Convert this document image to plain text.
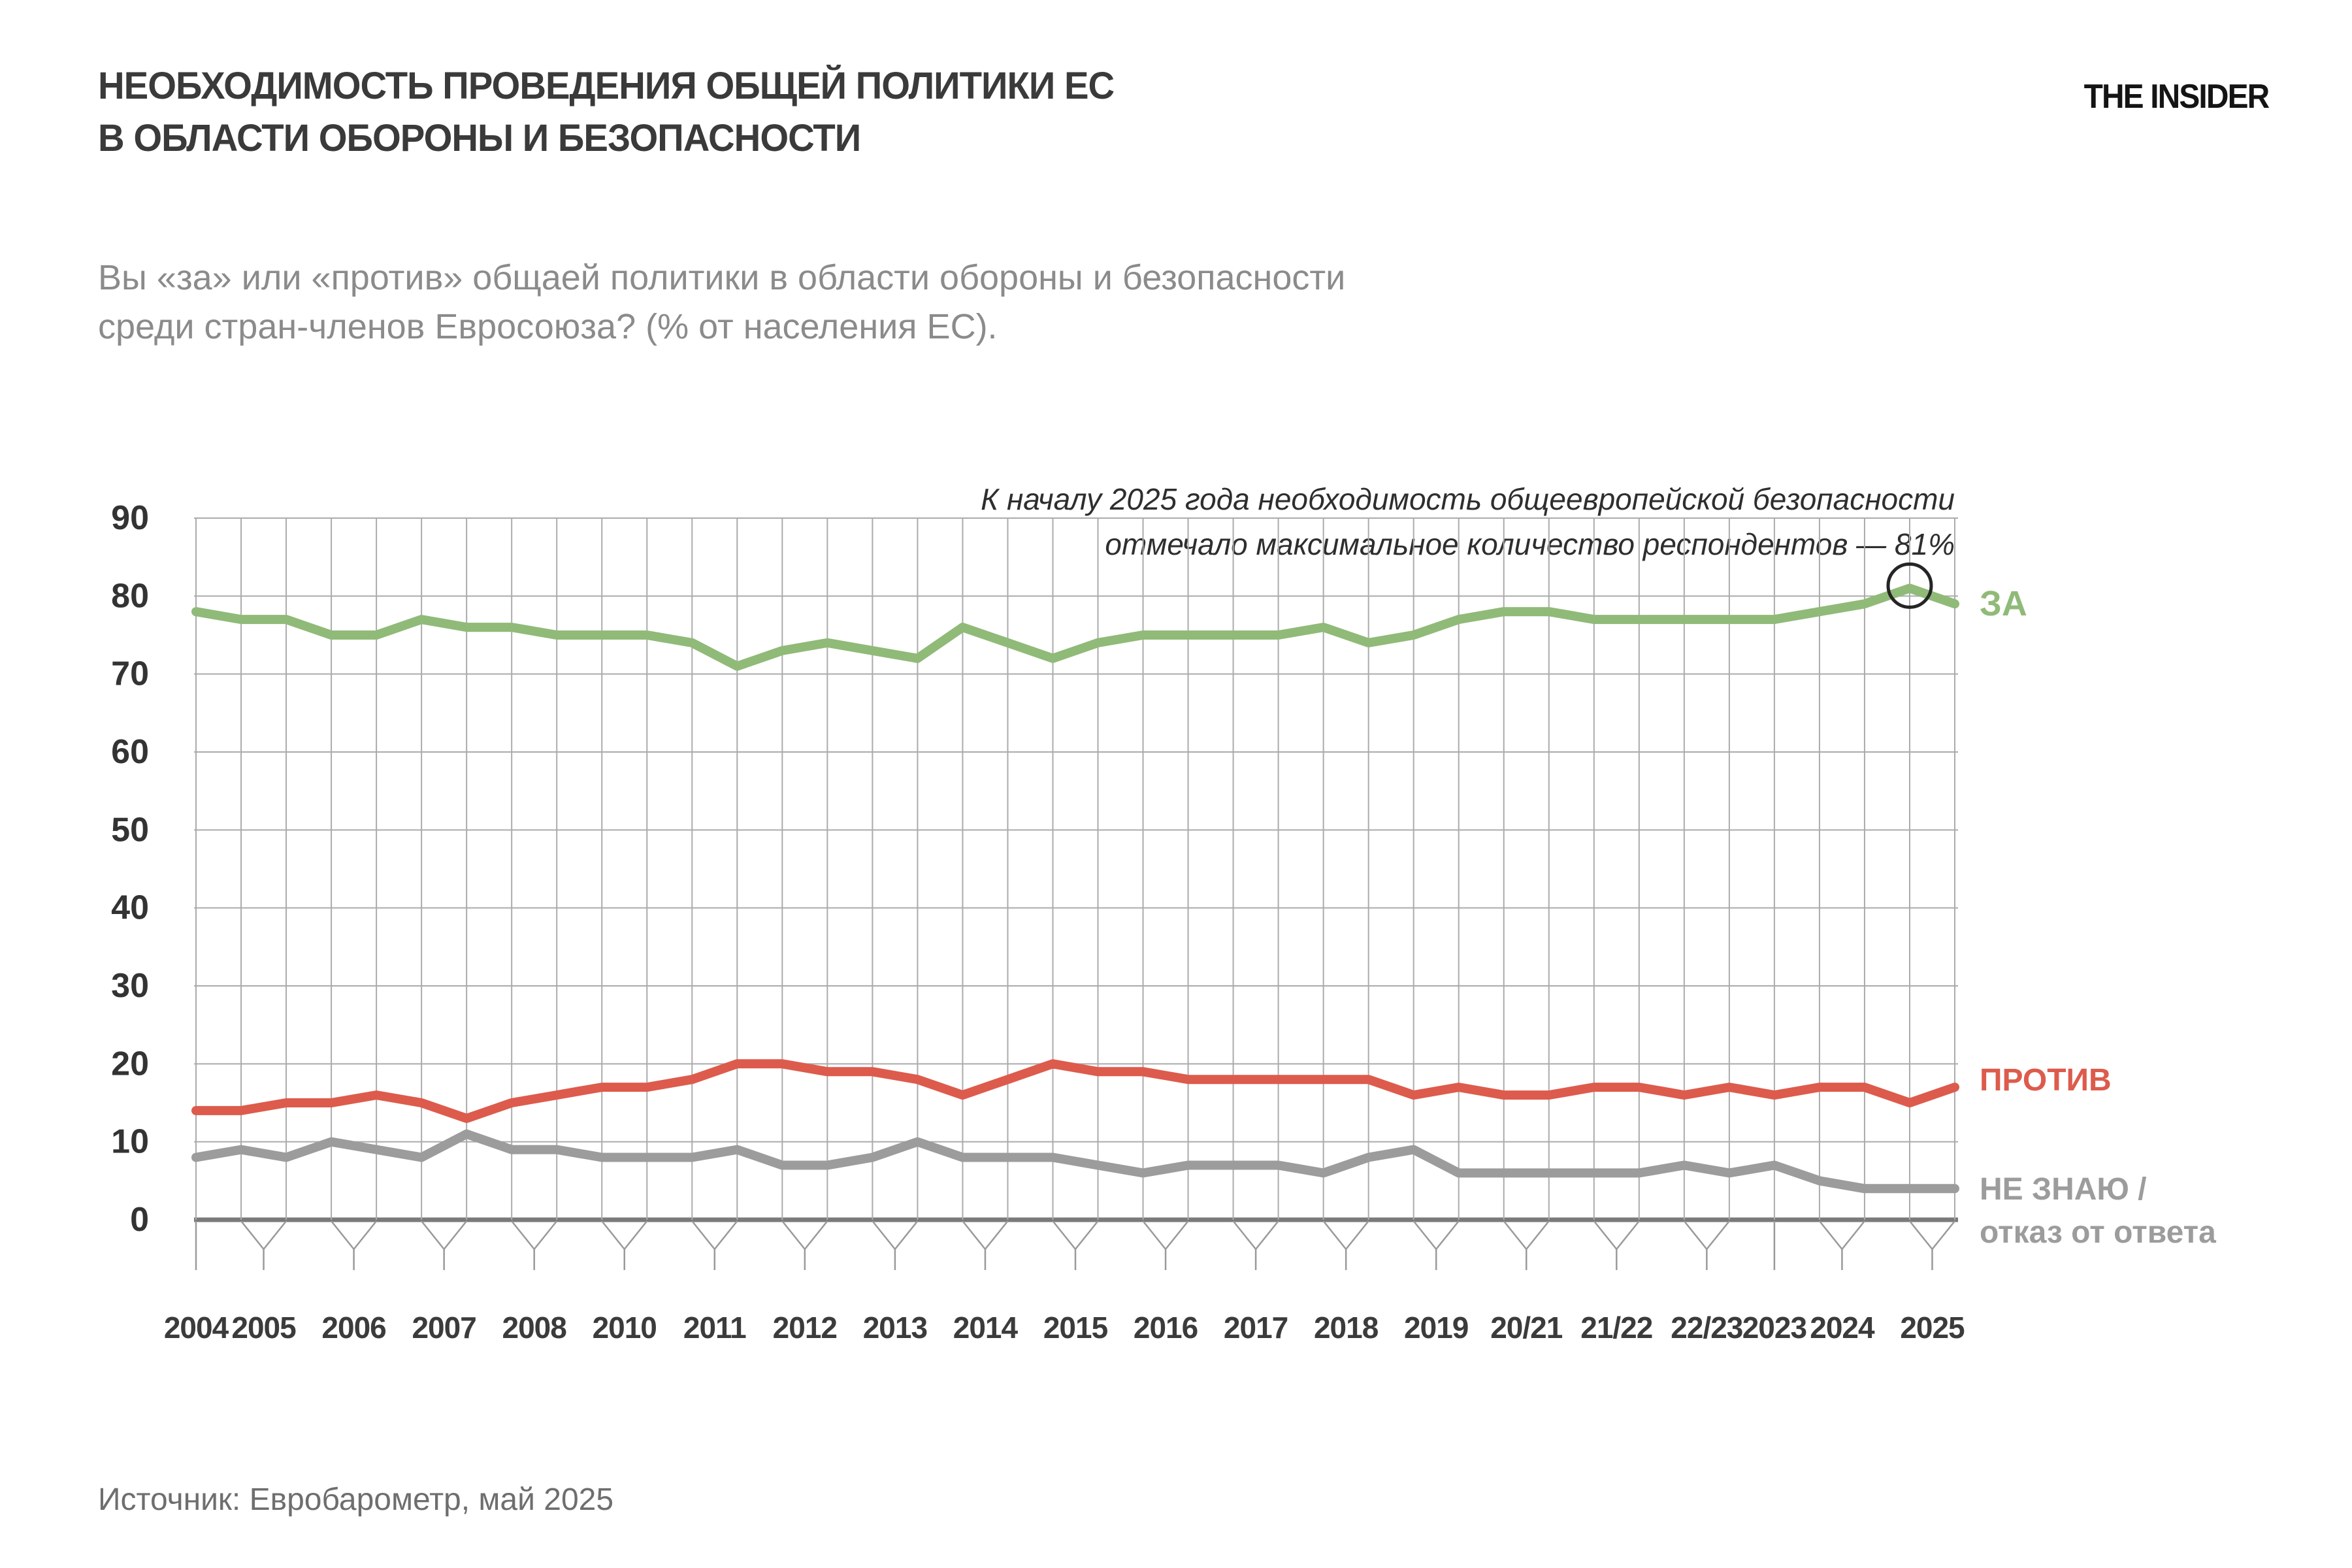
THE INSIDER
НЕОБХОДИМОСТЬ ПРОВЕДЕНИЯ ОБЩЕЙ ПОЛИТИКИ ЕС
В ОБЛАСТИ ОБОРОНЫ И БЕЗОПАСНОСТИ
Вы «за» или «против» общаей политики в области обороны и безопасности
среди стран-членов Евросоюза? (% от населения ЕС).
К началу 2025 года необходимость общеевропейской безопасности
отмечало максимальное количество респондентов — 81%
90
80
70
60
50
40
30
20
10
0
2004 2005 2006 2007 2008 2010 2011 2012 2013 2014 2015 2016 2017 2018 2019 20/21 21/22 22/23 2023 2024 2025
ЗА
ПРОТИВ
НЕ ЗНАЮ /
отказ от ответа
Источник: Евробарометр, май 2025
